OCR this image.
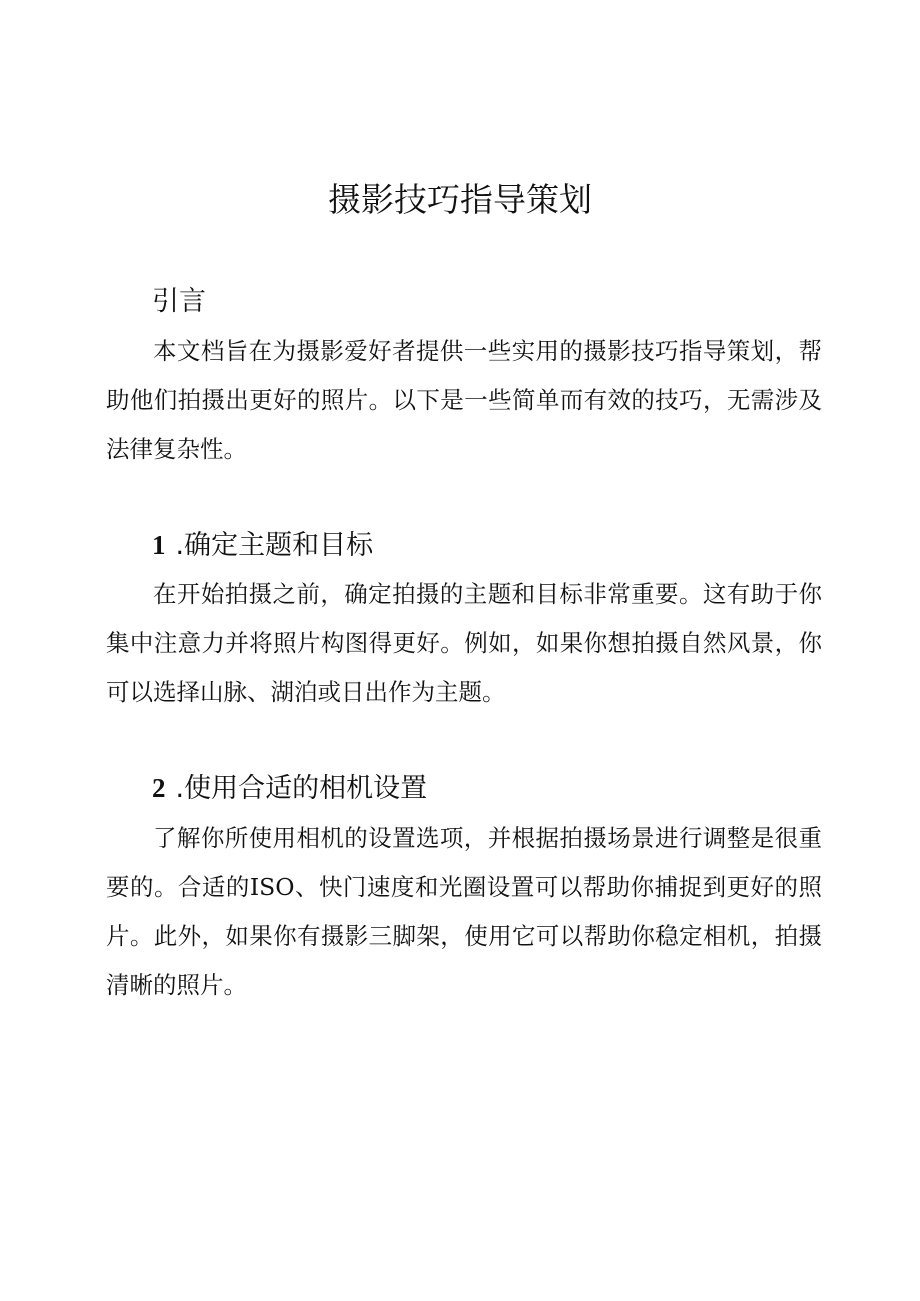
摄影技巧指导策划
引言

本文档旨在为摄影爱好者提供一些实用的摄影技巧指导策划，帮助他们拍摄出更好的照片。以下是一些简单而有效的技巧，无需涉及法律复杂性。

1 .确定主题和目标

在开始拍摄之前，确定拍摄的主题和目标非常重要。这有助于你集中注意力并将照片构图得更好。例如，如果你想拍摄自然风景，你可以选择山脉、湖泊或日出作为主题。

2 .使用合适的相机设置

了解你所使用相机的设置选项，并根据拍摄场景进行调整是很重要的。合适的ISO、快门速度和光圈设置可以帮助你捕捉到更好的照片。此外，如果你有摄影三脚架，使用它可以帮助你稳定相机，拍摄清晰的照片。
